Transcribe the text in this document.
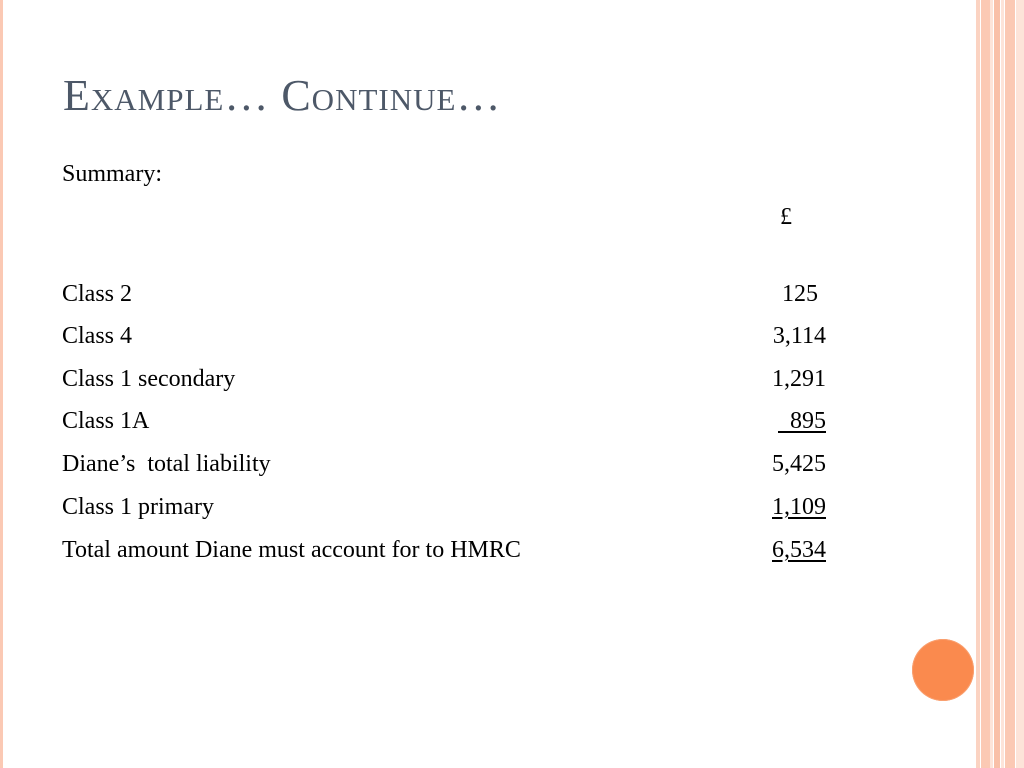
Example… Continue…
Summary:
£
Class 2	125
Class 4	3,114
Class 1 secondary	1,291
Class 1A	895
Diane’s  total liability	5,425
Class 1 primary	1,109
Total amount Diane must account for to HMRC	6,534
